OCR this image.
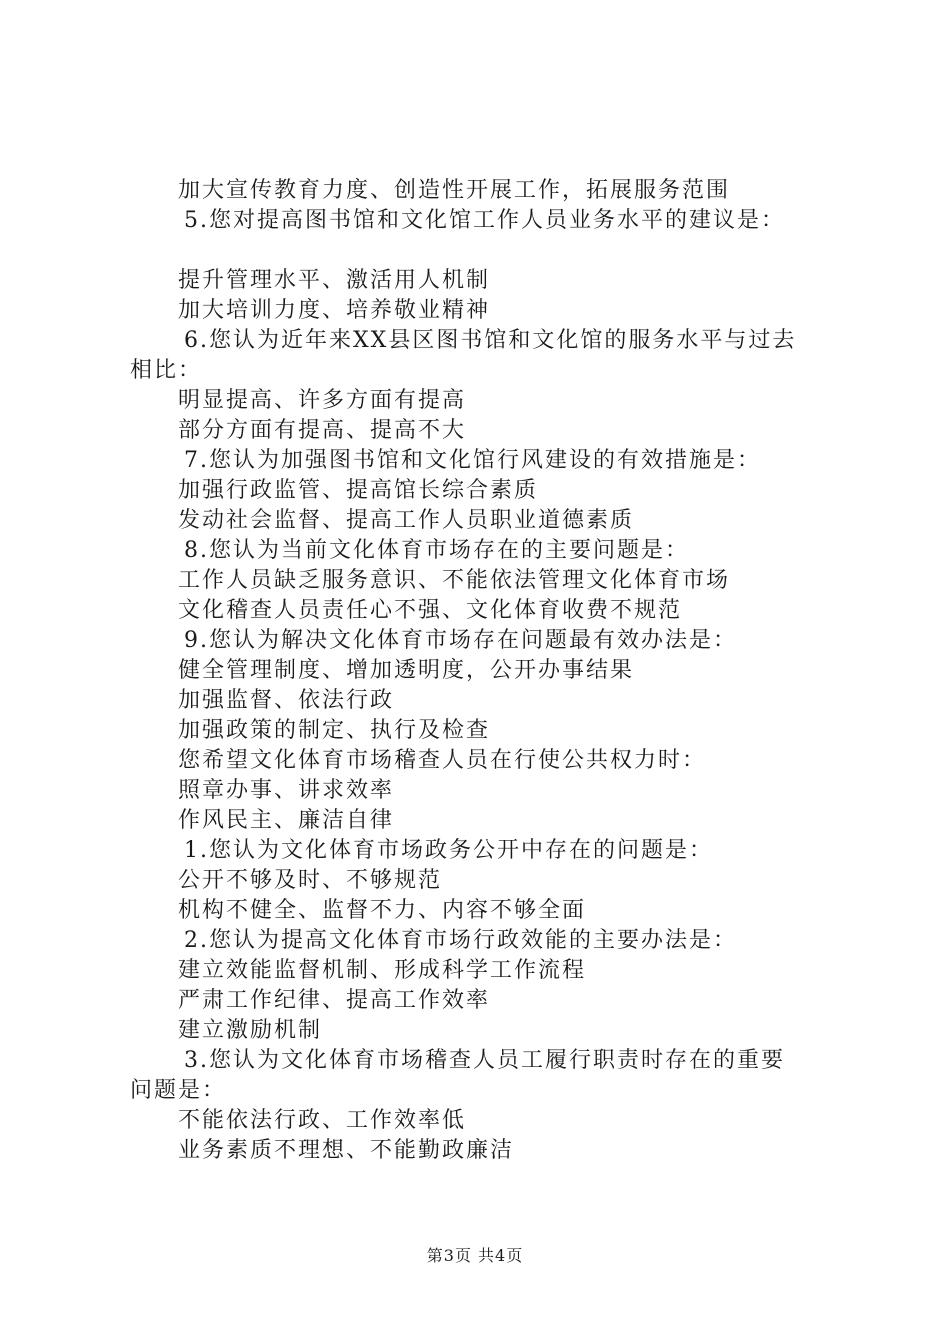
加大宣传教育力度、创造性开展工作，拓展服务范围
5.您对提高图书馆和文化馆工作人员业务水平的建议是：
提升管理水平、激活用人机制
加大培训力度、培养敬业精神
6.您认为近年来XX县区图书馆和文化馆的服务水平与过去
相比：
明显提高、许多方面有提高
部分方面有提高、提高不大
7.您认为加强图书馆和文化馆行风建设的有效措施是：
加强行政监管、提高馆长综合素质
发动社会监督、提高工作人员职业道德素质
8.您认为当前文化体育市场存在的主要问题是：
工作人员缺乏服务意识、不能依法管理文化体育市场
文化稽查人员责任心不强、文化体育收费不规范
9.您认为解决文化体育市场存在问题最有效办法是：
健全管理制度、增加透明度，公开办事结果
加强监督、依法行政
加强政策的制定、执行及检查
您希望文化体育市场稽查人员在行使公共权力时：
照章办事、讲求效率
作风民主、廉洁自律
1.您认为文化体育市场政务公开中存在的问题是：
公开不够及时、不够规范
机构不健全、监督不力、内容不够全面
2.您认为提高文化体育市场行政效能的主要办法是：
建立效能监督机制、形成科学工作流程
严肃工作纪律、提高工作效率
建立激励机制
3.您认为文化体育市场稽查人员工履行职责时存在的重要
问题是：
不能依法行政、工作效率低
业务素质不理想、不能勤政廉洁
第3页 共4页
